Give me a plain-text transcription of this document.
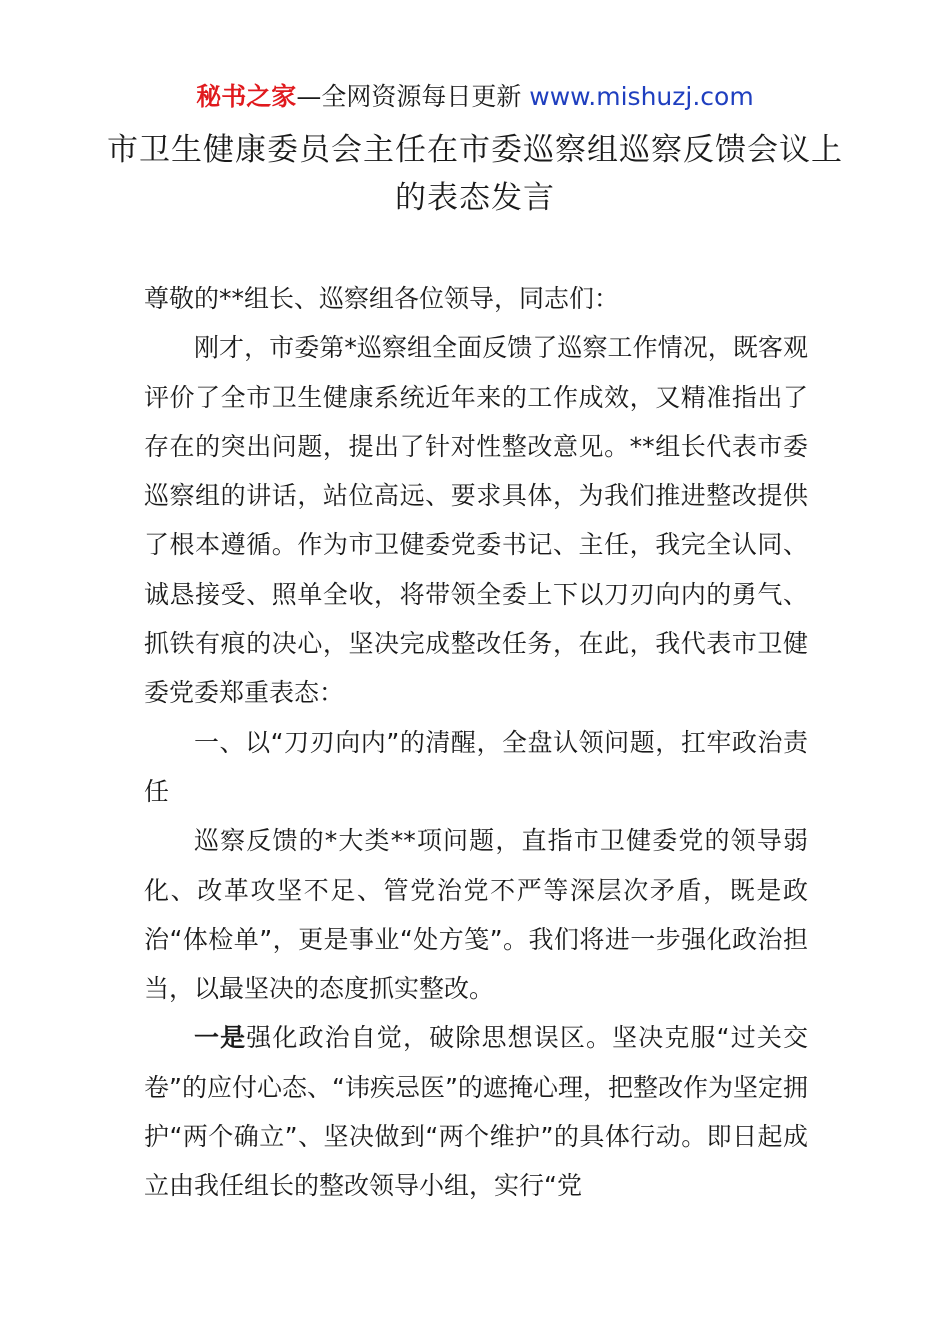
秘书之家—全网资源每日更新 www.mishuzj.com
市卫生健康委员会主任在市委巡察组巡察反馈会议上的表态发言

尊敬的**组长、巡察组各位领导，同志们：

刚才，市委第*巡察组全面反馈了巡察工作情况，既客观评价了全市卫生健康系统近年来的工作成效，又精准指出了存在的突出问题，提出了针对性整改意见。**组长代表市委巡察组的讲话，站位高远、要求具体，为我们推进整改提供了根本遵循。作为市卫健委党委书记、主任，我完全认同、诚恳接受、照单全收，将带领全委上下以刀刃向内的勇气、抓铁有痕的决心，坚决完成整改任务，在此，我代表市卫健委党委郑重表态：

一、以“刀刃向内”的清醒，全盘认领问题，扛牢政治责任

巡察反馈的*大类**项问题，直指市卫健委党的领导弱化、改革攻坚不足、管党治党不严等深层次矛盾，既是政治“体检单”，更是事业“处方笺”。我们将进一步强化政治担当，以最坚决的态度抓实整改。

一是强化政治自觉，破除思想误区。坚决克服“过关交卷”的应付心态、“讳疾忌医”的遮掩心理，把整改作为坚定拥护“两个确立”、坚决做到“两个维护”的具体行动。即日起成立由我任组长的整改领导小组，实行“党
